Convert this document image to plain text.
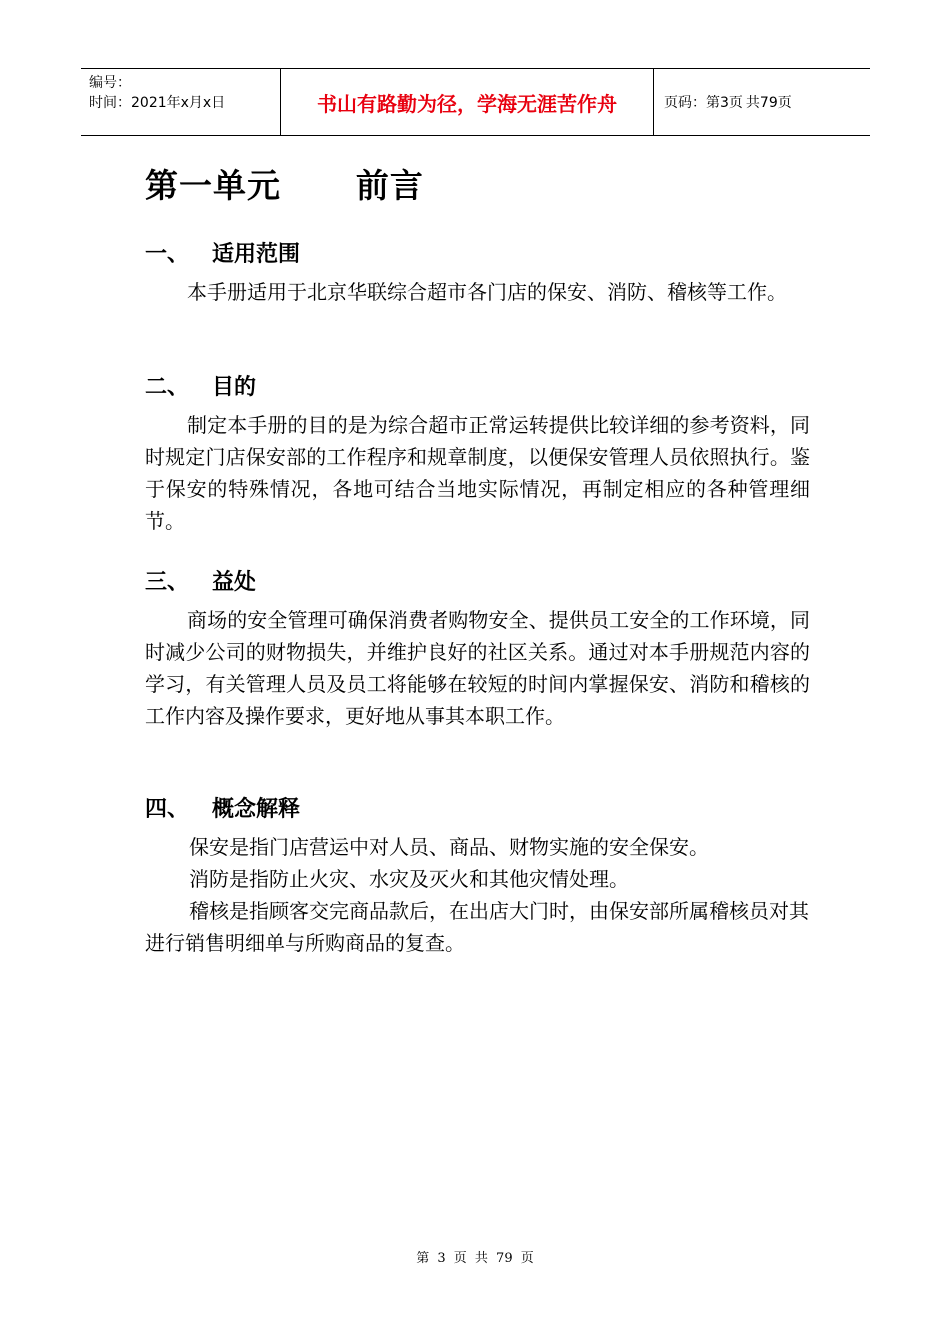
编号：
时间：2021年x月x日	书山有路勤为径，学海无涯苦作舟	页码：第3页 共79页
第一单元      前言
一、 适用范围
本手册适用于北京华联综合超市各门店的保安、消防、稽核等工作。
二、 目的
制定本手册的目的是为综合超市正常运转提供比较详细的参考资料，同时规定门店保安部的工作程序和规章制度，以便保安管理人员依照执行。鉴于保安的特殊情况，各地可结合当地实际情况，再制定相应的各种管理细节。
三、 益处
商场的安全管理可确保消费者购物安全、提供员工安全的工作环境，同时减少公司的财物损失，并维护良好的社区关系。通过对本手册规范内容的学习，有关管理人员及员工将能够在较短的时间内掌握保安、消防和稽核的工作内容及操作要求，更好地从事其本职工作。
四、 概念解释
保安是指门店营运中对人员、商品、财物实施的安全保安。
消防是指防止火灾、水灾及灭火和其他灾情处理。
稽核是指顾客交完商品款后，在出店大门时，由保安部所属稽核员对其进行销售明细单与所购商品的复查。
第 3 页 共 79 页
